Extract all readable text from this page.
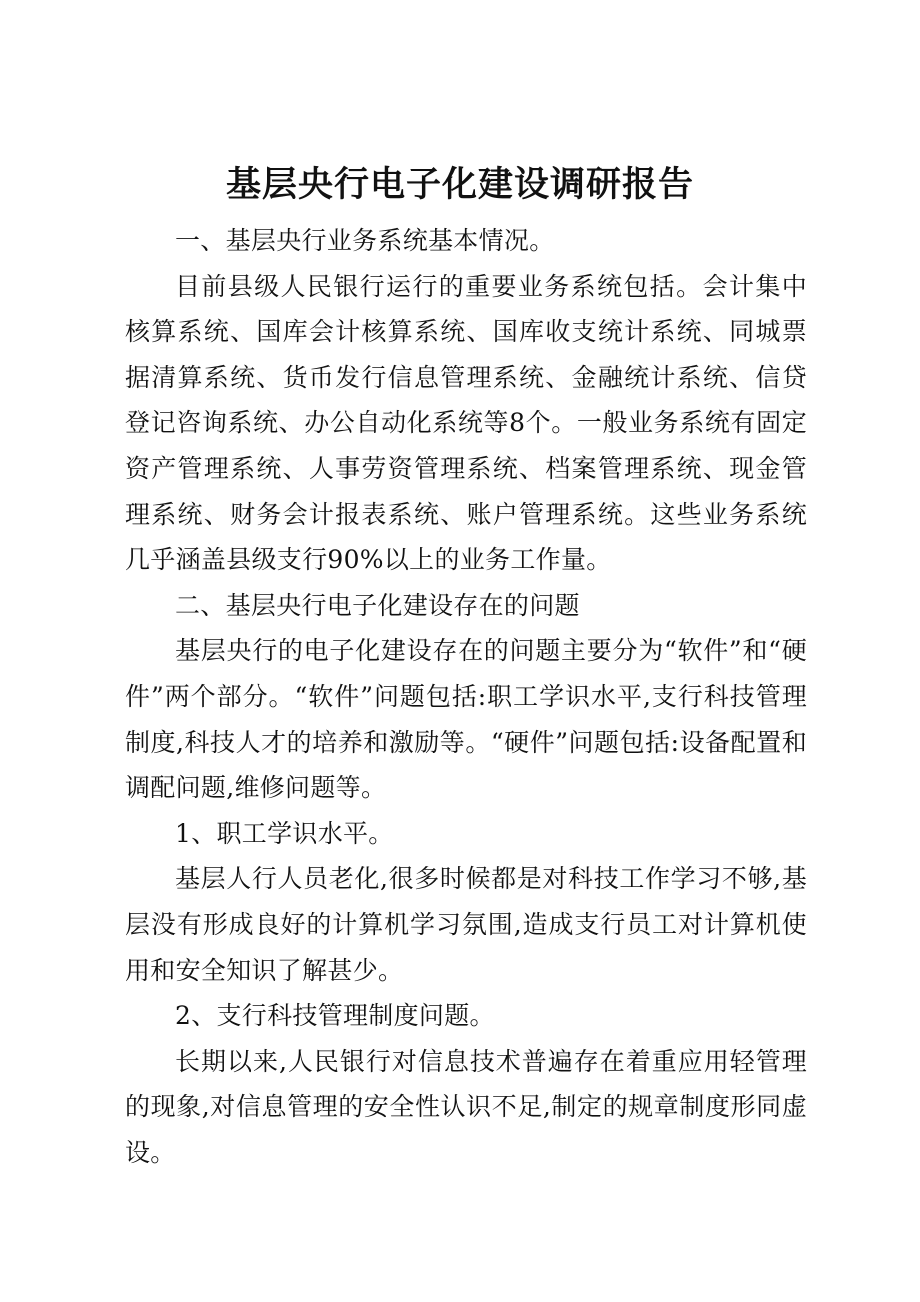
基层央行电子化建设调研报告

一、基层央行业务系统基本情况。

目前县级人民银行运行的重要业务系统包括。会计集中核算系统、国库会计核算系统、国库收支统计系统、同城票据清算系统、货币发行信息管理系统、金融统计系统、信贷登记咨询系统、办公自动化系统等8个。一般业务系统有固定资产管理系统、人事劳资管理系统、档案管理系统、现金管理系统、财务会计报表系统、账户管理系统。这些业务系统几乎涵盖县级支行90%以上的业务工作量。

二、基层央行电子化建设存在的问题

基层央行的电子化建设存在的问题主要分为“软件”和“硬件”两个部分。“软件”问题包括:职工学识水平,支行科技管理制度,科技人才的培养和激励等。“硬件”问题包括:设备配置和调配问题,维修问题等。

1、职工学识水平。

基层人行人员老化,很多时候都是对科技工作学习不够,基层没有形成良好的计算机学习氛围,造成支行员工对计算机使用和安全知识了解甚少。

2、支行科技管理制度问题。

长期以来,人民银行对信息技术普遍存在着重应用轻管理的现象,对信息管理的安全性认识不足,制定的规章制度形同虚设。
